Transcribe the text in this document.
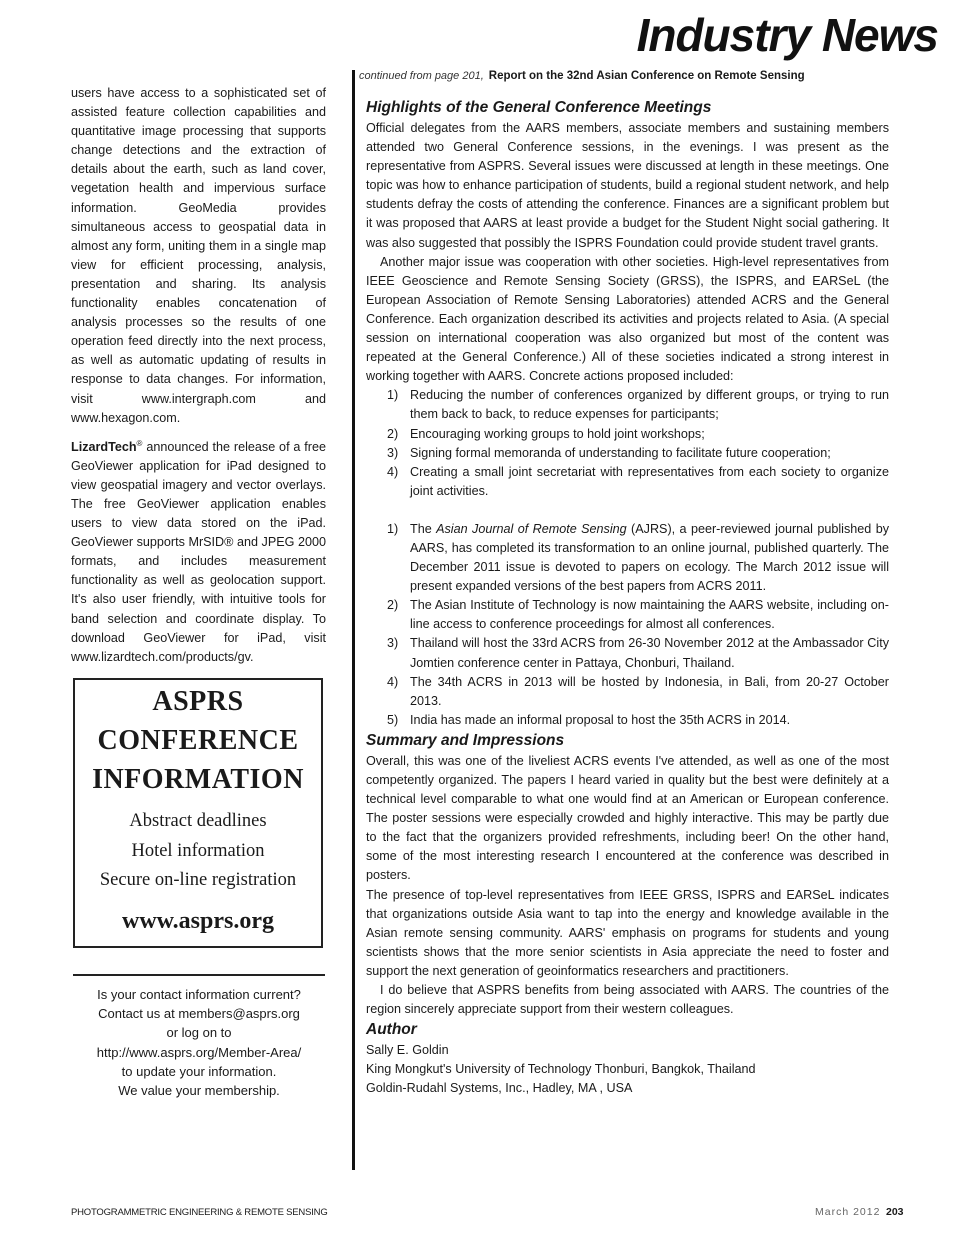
Industry News

users have access to a sophisticated set of assisted feature collection capabilities and quantitative image processing that supports change detections and the extraction of details about the earth, such as land cover, vegetation health and impervious surface information. GeoMedia provides simultaneous access to geospatial data in almost any form, uniting them in a single map view for efficient processing, analysis, presentation and sharing. Its analysis functionality enables concatenation of analysis processes so the results of one operation feed directly into the next process, as well as automatic updating of results in response to data changes. For information, visit www.intergraph.com and www.hexagon.com.

LizardTech® announced the release of a free GeoViewer application for iPad designed to view geospatial imagery and vector overlays. The free GeoViewer application enables users to view data stored on the iPad. GeoViewer supports MrSID® and JPEG 2000 formats, and includes measurement functionality as well as geolocation support. It's also user friendly, with intuitive tools for band selection and coordinate display. To download GeoViewer for iPad, visit www.lizardtech.com/products/gv.

ASPRS
CONFERENCE
INFORMATION
Abstract deadlines
Hotel information
Secure on-line registration
www.asprs.org
Is your contact information current?
Contact us at members@asprs.org
or log on to
http://www.asprs.org/Member-Area/
to update your information.
We value your membership.
continued from page 201, Report on the 32nd Asian Conference on Remote Sensing
Highlights of the General Conference Meetings

Official delegates from the AARS members, associate members and sustaining members attended two General Conference sessions, in the evenings. I was present as the representative from ASPRS. Several issues were discussed at length in these meetings. One topic was how to enhance participation of students, build a regional student network, and help students defray the costs of attending the conference. Finances are a significant problem but it was proposed that AARS at least provide a budget for the Student Night social gathering. It was also suggested that possibly the ISPRS Foundation could provide student travel grants.

Another major issue was cooperation with other societies. High-level representatives from IEEE Geoscience and Remote Sensing Society (GRSS), the ISPRS, and EARSeL (the European Association of Remote Sensing Laboratories) attended ACRS and the General Conference. Each organization described its activities and projects related to Asia. (A special session on international cooperation was also organized but most of the content was repeated at the General Conference.) All of these societies indicated a strong interest in working together with AARS. Concrete actions proposed included:

1) Reducing the number of conferences organized by different groups, or trying to run them back to back, to reduce expenses for participants;
2) Encouraging working groups to hold joint workshops;
3) Signing formal memoranda of understanding to facilitate future cooperation;
4) Creating a small joint secretariat with representatives from each society to organize joint activities.
1) The Asian Journal of Remote Sensing (AJRS), a peer-reviewed journal published by AARS, has completed its transformation to an online journal, published quarterly. The December 2011 issue is devoted to papers on ecology. The March 2012 issue will present expanded versions of the best papers from ACRS 2011.
2) The Asian Institute of Technology is now maintaining the AARS website, including on-line access to conference proceedings for almost all conferences.
3) Thailand will host the 33rd ACRS from 26-30 November 2012 at the Ambassador City Jomtien conference center in Pattaya, Chonburi, Thailand.
4) The 34th ACRS in 2013 will be hosted by Indonesia, in Bali, from 20-27 October 2013.
5) India has made an informal proposal to host the 35th ACRS in 2014.
Summary and Impressions

Overall, this was one of the liveliest ACRS events I've attended, as well as one of the most competently organized. The papers I heard varied in quality but the best were definitely at a technical level comparable to what one would find at an American or European conference. The poster sessions were especially crowded and highly interactive. This may be partly due to the fact that the organizers provided refreshments, including beer! On the other hand, some of the most interesting research I encountered at the conference was described in posters.

The presence of top-level representatives from IEEE GRSS, ISPRS and EARSeL indicates that organizations outside Asia want to tap into the energy and knowledge available in the Asian remote sensing community. AARS' emphasis on programs for students and young scientists shows that the more senior scientists in Asia appreciate the need to foster and support the next generation of geoinformatics researchers and practitioners.

I do believe that ASPRS benefits from being associated with AARS. The countries of the region sincerely appreciate support from their western colleagues.

Author

Sally E. Goldin

King Mongkut's University of Technology Thonburi, Bangkok, Thailand

Goldin-Rudahl Systems, Inc., Hadley, MA , USA

PHOTOGRAMMETRIC ENGINEERING & REMOTE SENSING	March 2012 203
